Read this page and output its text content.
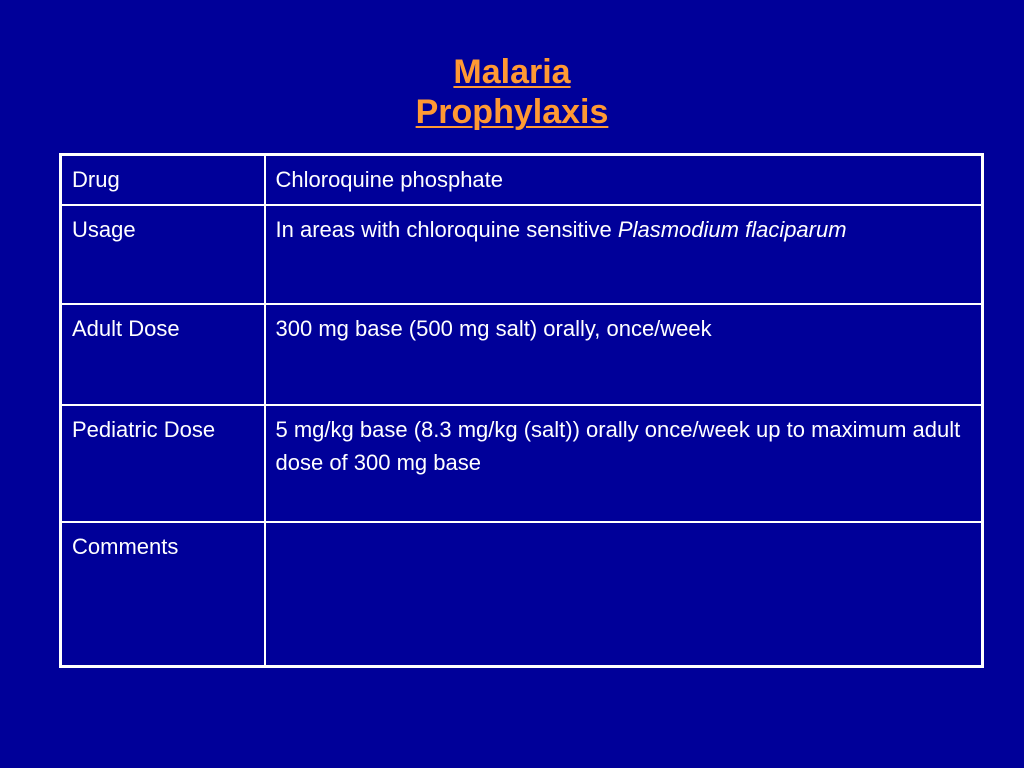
Malaria
Prophylaxis
Drug	Chloroquine phosphate
Usage	In areas with chloroquine sensitive Plasmodium flaciparum
Adult Dose	300 mg base (500 mg salt) orally, once/week
Pediatric Dose	5 mg/kg base (8.3 mg/kg (salt)) orally once/week up to maximum adult dose of 300 mg base
Comments	
